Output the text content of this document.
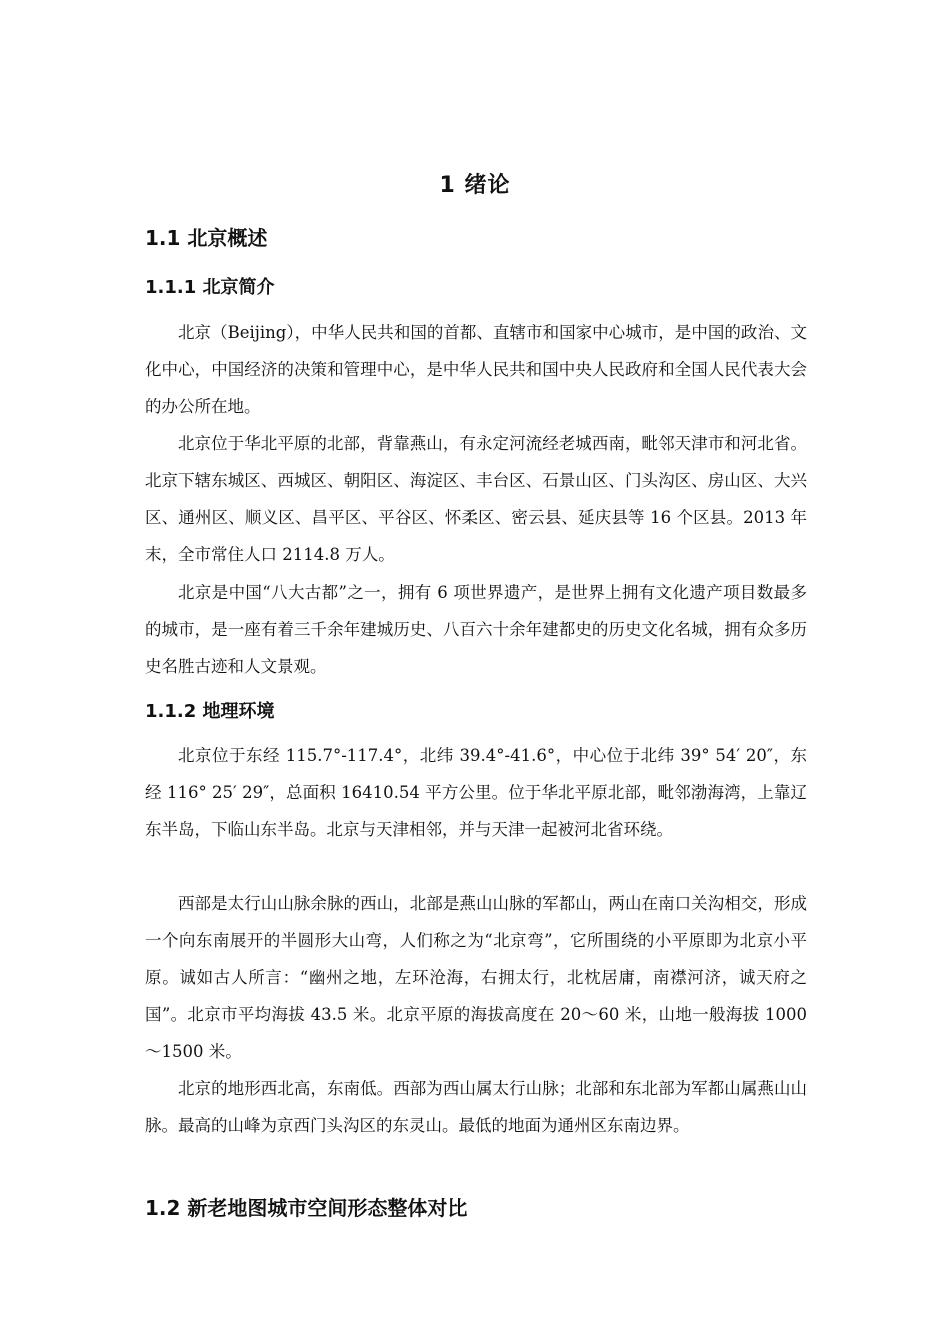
1 绪论
1.1 北京概述
1.1.1 北京简介

北京（Beijing），中华人民共和国的首都、直辖市和国家中心城市，是中国的政治、文化中心，中国经济的决策和管理中心，是中华人民共和国中央人民政府和全国人民代表大会的办公所在地。

北京位于华北平原的北部，背靠燕山，有永定河流经老城西南，毗邻天津市和河北省。北京下辖东城区、西城区、朝阳区、海淀区、丰台区、石景山区、门头沟区、房山区、大兴区、通州区、顺义区、昌平区、平谷区、怀柔区、密云县、延庆县等 16 个区县。2013 年末，全市常住人口 2114.8 万人。

北京是中国“八大古都”之一，拥有 6 项世界遗产，是世界上拥有文化遗产项目数最多的城市，是一座有着三千余年建城历史、八百六十余年建都史的历史文化名城，拥有众多历史名胜古迹和人文景观。

1.1.2 地理环境

北京位于东经 115.7°-117.4°，北纬 39.4°-41.6°，中心位于北纬 39° 54′ 20″，东经 116° 25′ 29″，总面积 16410.54 平方公里。位于华北平原北部，毗邻渤海湾，上靠辽东半岛，下临山东半岛。北京与天津相邻，并与天津一起被河北省环绕。

西部是太行山山脉余脉的西山，北部是燕山山脉的军都山，两山在南口关沟相交，形成一个向东南展开的半圆形大山弯，人们称之为“北京弯”，它所围绕的小平原即为北京小平原。诚如古人所言：“幽州之地，左环沧海，右拥太行，北枕居庸，南襟河济，诚天府之国”。北京市平均海拔 43.5 米。北京平原的海拔高度在 20～60 米，山地一般海拔 1000～1500 米。

北京的地形西北高，东南低。西部为西山属太行山脉；北部和东北部为军都山属燕山山脉。最高的山峰为京西门头沟区的东灵山。最低的地面为通州区东南边界。

1.2 新老地图城市空间形态整体对比
